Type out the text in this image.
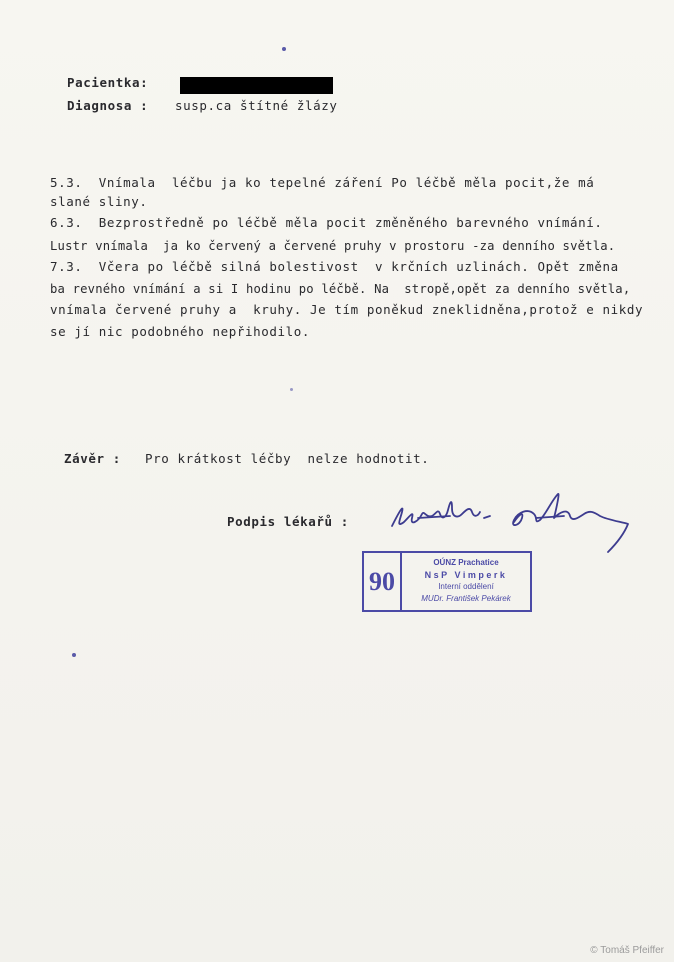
Pacientka:
Diagnosa : susp.ca štítné žlázy
5.3.  Vnímala  léčbu ja ko tepelné záření Po léčbě měla pocit,že má
slané sliny.
6.3.  Bezprostředně po léčbě měla pocit změněného barevného vnímání.
Lustr vnímala  ja ko červený a červené pruhy v prostoru -za denního světla.
7.3.  Včera po léčbě silná bolestivost  v krčních uzlinách. Opět změna
ba revného vnímání a si I hodinu po léčbě. Na  stropě,opět za denního světla,
vnímala červené pruhy a  kruhy. Je tím poněkud zneklidněna,protož e nikdy
se jí nic podobného nepřihodilo.
Závěr : Pro krátkost léčby  nelze hodnotit.
Podpis lékařů :
90
OÚNZ Prachatice
NsP Vimperk
Interní oddělení
MUDr. František Pekárek
© Tomáš Pfeiffer
